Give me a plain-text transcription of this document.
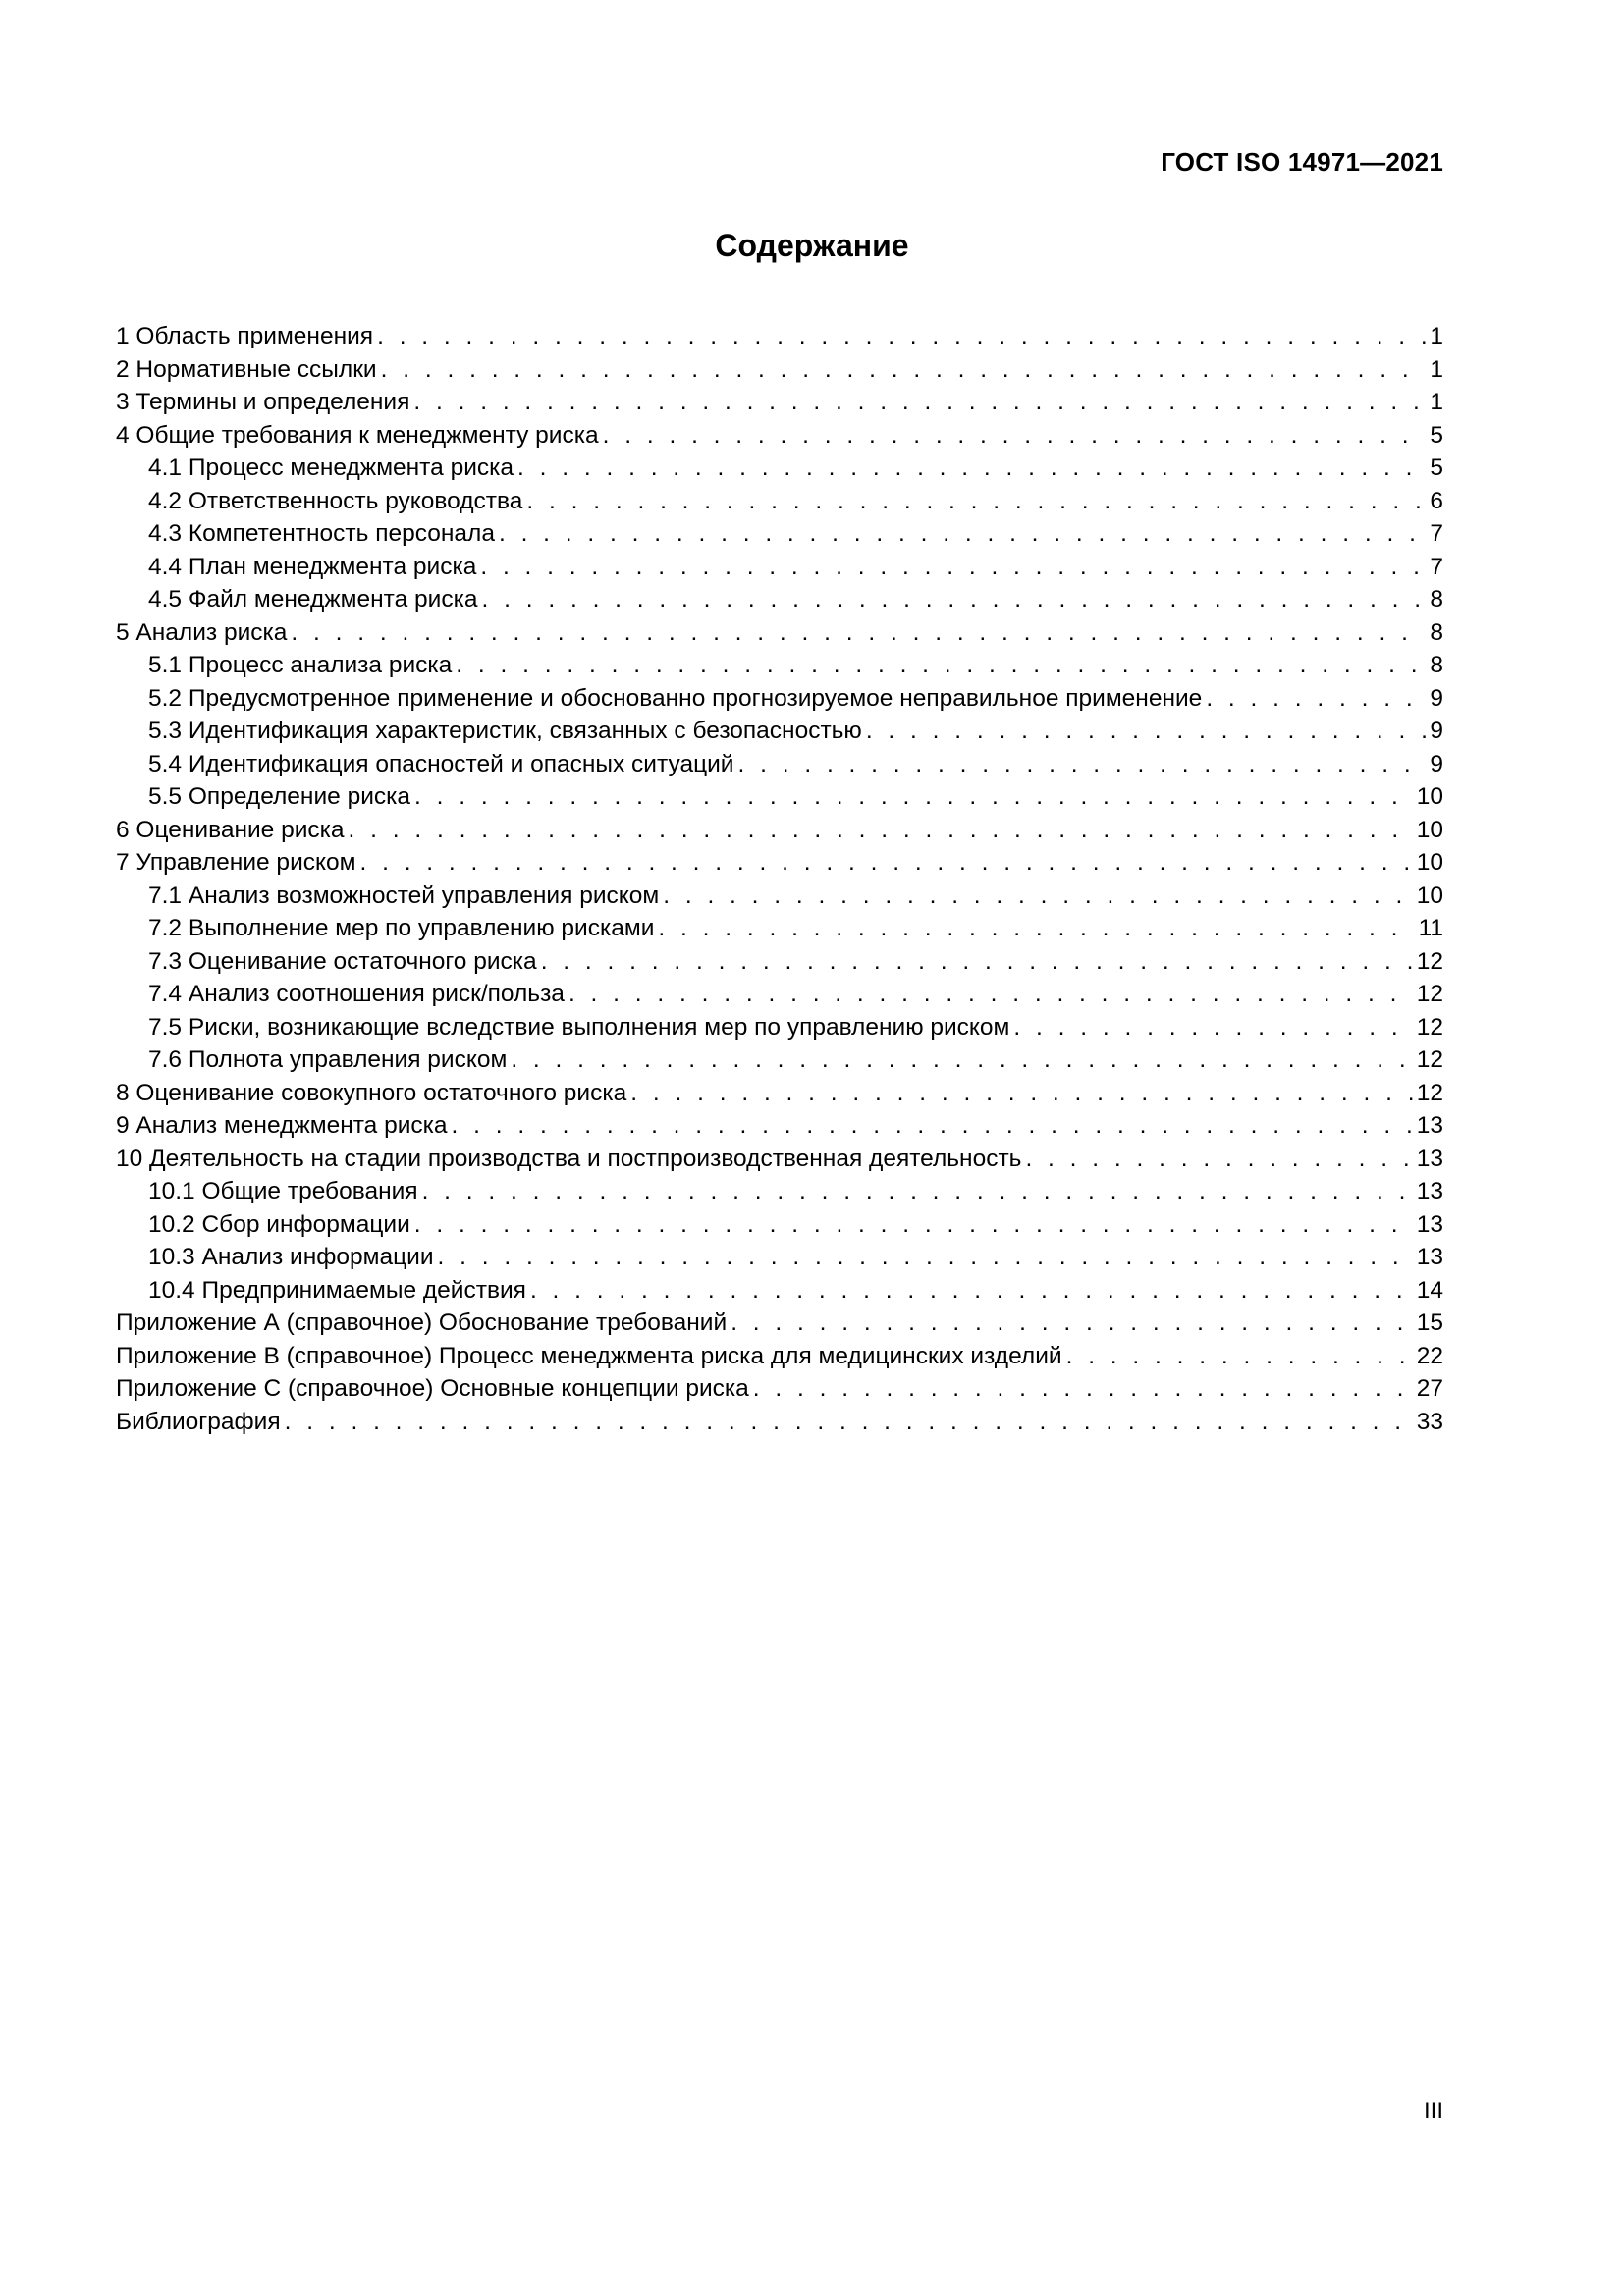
ГОСТ ISO 14971—2021
Содержание
1 Область применения . . .	1
2 Нормативные ссылки . . .	1
3 Термины и определения . . .	1
4 Общие требования к менеджменту риска . . .	5
4.1 Процесс менеджмента риска . . .	5
4.2 Ответственность руководства . . .	6
4.3 Компетентность персонала . . .	7
4.4 План менеджмента риска . . .	7
4.5 Файл менеджмента риска . . .	8
5 Анализ риска . . .	8
5.1 Процесс анализа риска . . .	8
5.2 Предусмотренное применение и обоснованно прогнозируемое неправильное применение . . .	9
5.3 Идентификация характеристик, связанных с безопасностью . . .	9
5.4 Идентификация опасностей и опасных ситуаций . . .	9
5.5 Определение риска . . .	10
6 Оценивание риска . . .	10
7 Управление риском . . .	10
7.1 Анализ возможностей управления риском . . .	10
7.2 Выполнение мер по управлению рисками . . .	11
7.3 Оценивание остаточного риска . . .	12
7.4 Анализ соотношения риск/польза . . .	12
7.5 Риски, возникающие вследствие выполнения мер по управлению риском . . .	12
7.6 Полнота управления риском . . .	12
8 Оценивание совокупного остаточного риска . . .	12
9 Анализ менеджмента риска . . .	13
10 Деятельность на стадии производства и постпроизводственная деятельность . . .	13
10.1 Общие требования . . .	13
10.2 Сбор информации . . .	13
10.3 Анализ информации . . .	13
10.4 Предпринимаемые действия . . .	14
Приложение А (справочное) Обоснование требований . . .	15
Приложение В (справочное) Процесс менеджмента риска для медицинских изделий . . .	22
Приложение С (справочное) Основные концепции риска . . .	27
Библиография . . .	33
III
